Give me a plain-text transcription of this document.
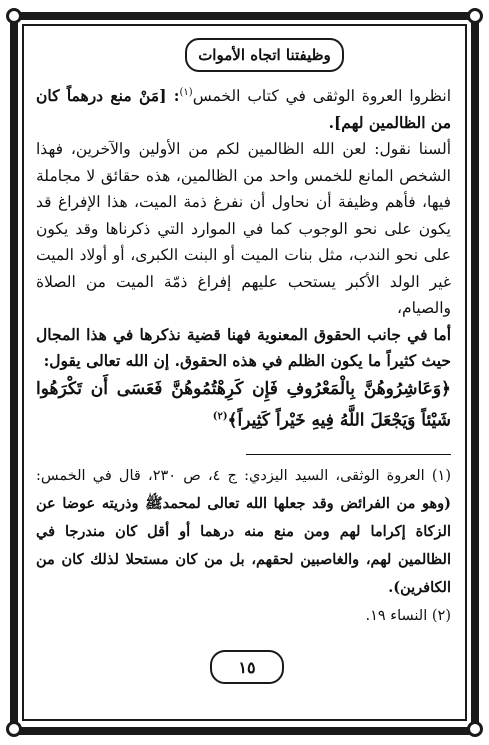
وظيفتنا اتجاه الأموات

انظروا العروة الوثقى في كتاب الخمس$^{(١)}$: [مَنْ منع درهماً كان من الظالمين لهم].

ألسنا نقول: لعن الله الظالمين لكم من الأولين والآخرين، فهذا الشخص المانع للخمس واحد من الظالمين، هذه حقائق لا مجاملة فيها، فأهم وظيفة أن نحاول أن نفرغ ذمة الميت، هذا الإفراغ قد يكون على نحو الوجوب كما في الموارد التي ذكرناها وقد يكون على نحو الندب، مثل بنات الميت أو البنت الكبرى، أو أولاد الميت غير الولد الأكبر يستحب عليهم إفراغ ذمّة الميت من الصلاة والصيام،

أما في جانب الحقوق المعنوية فهنا قضية نذكرها في هذا المجال حيث كثيراً ما يكون الظلم في هذه الحقوق. إن الله تعالى يقول:

﴿وَعَاشِرُوهُنَّ بِالْمَعْرُوفِ فَإِن كَرِهْتُمُوهُنَّ فَعَسَى أَن تَكْرَهُوا شَيْئاً وَيَجْعَلَ اللَّهُ فِيهِ خَيْراً كَثِيراً﴾$^{(٢)}$

(١) العروة الوثقى، السيد اليزدي: ج ٤، ص ٢٣٠، قال في الخمس: (وهو من الفرائض وقد جعلها الله تعالى لمحمدﷺ وذريته عوضا عن الزكاة إكراما لهم ومن منع منه درهما أو أقل كان مندرجا في الظالمين لهم، والغاصبين لحقهم، بل من كان مستحلا لذلك كان من الكافرين).

(٢) النساء ١٩.

١٥
